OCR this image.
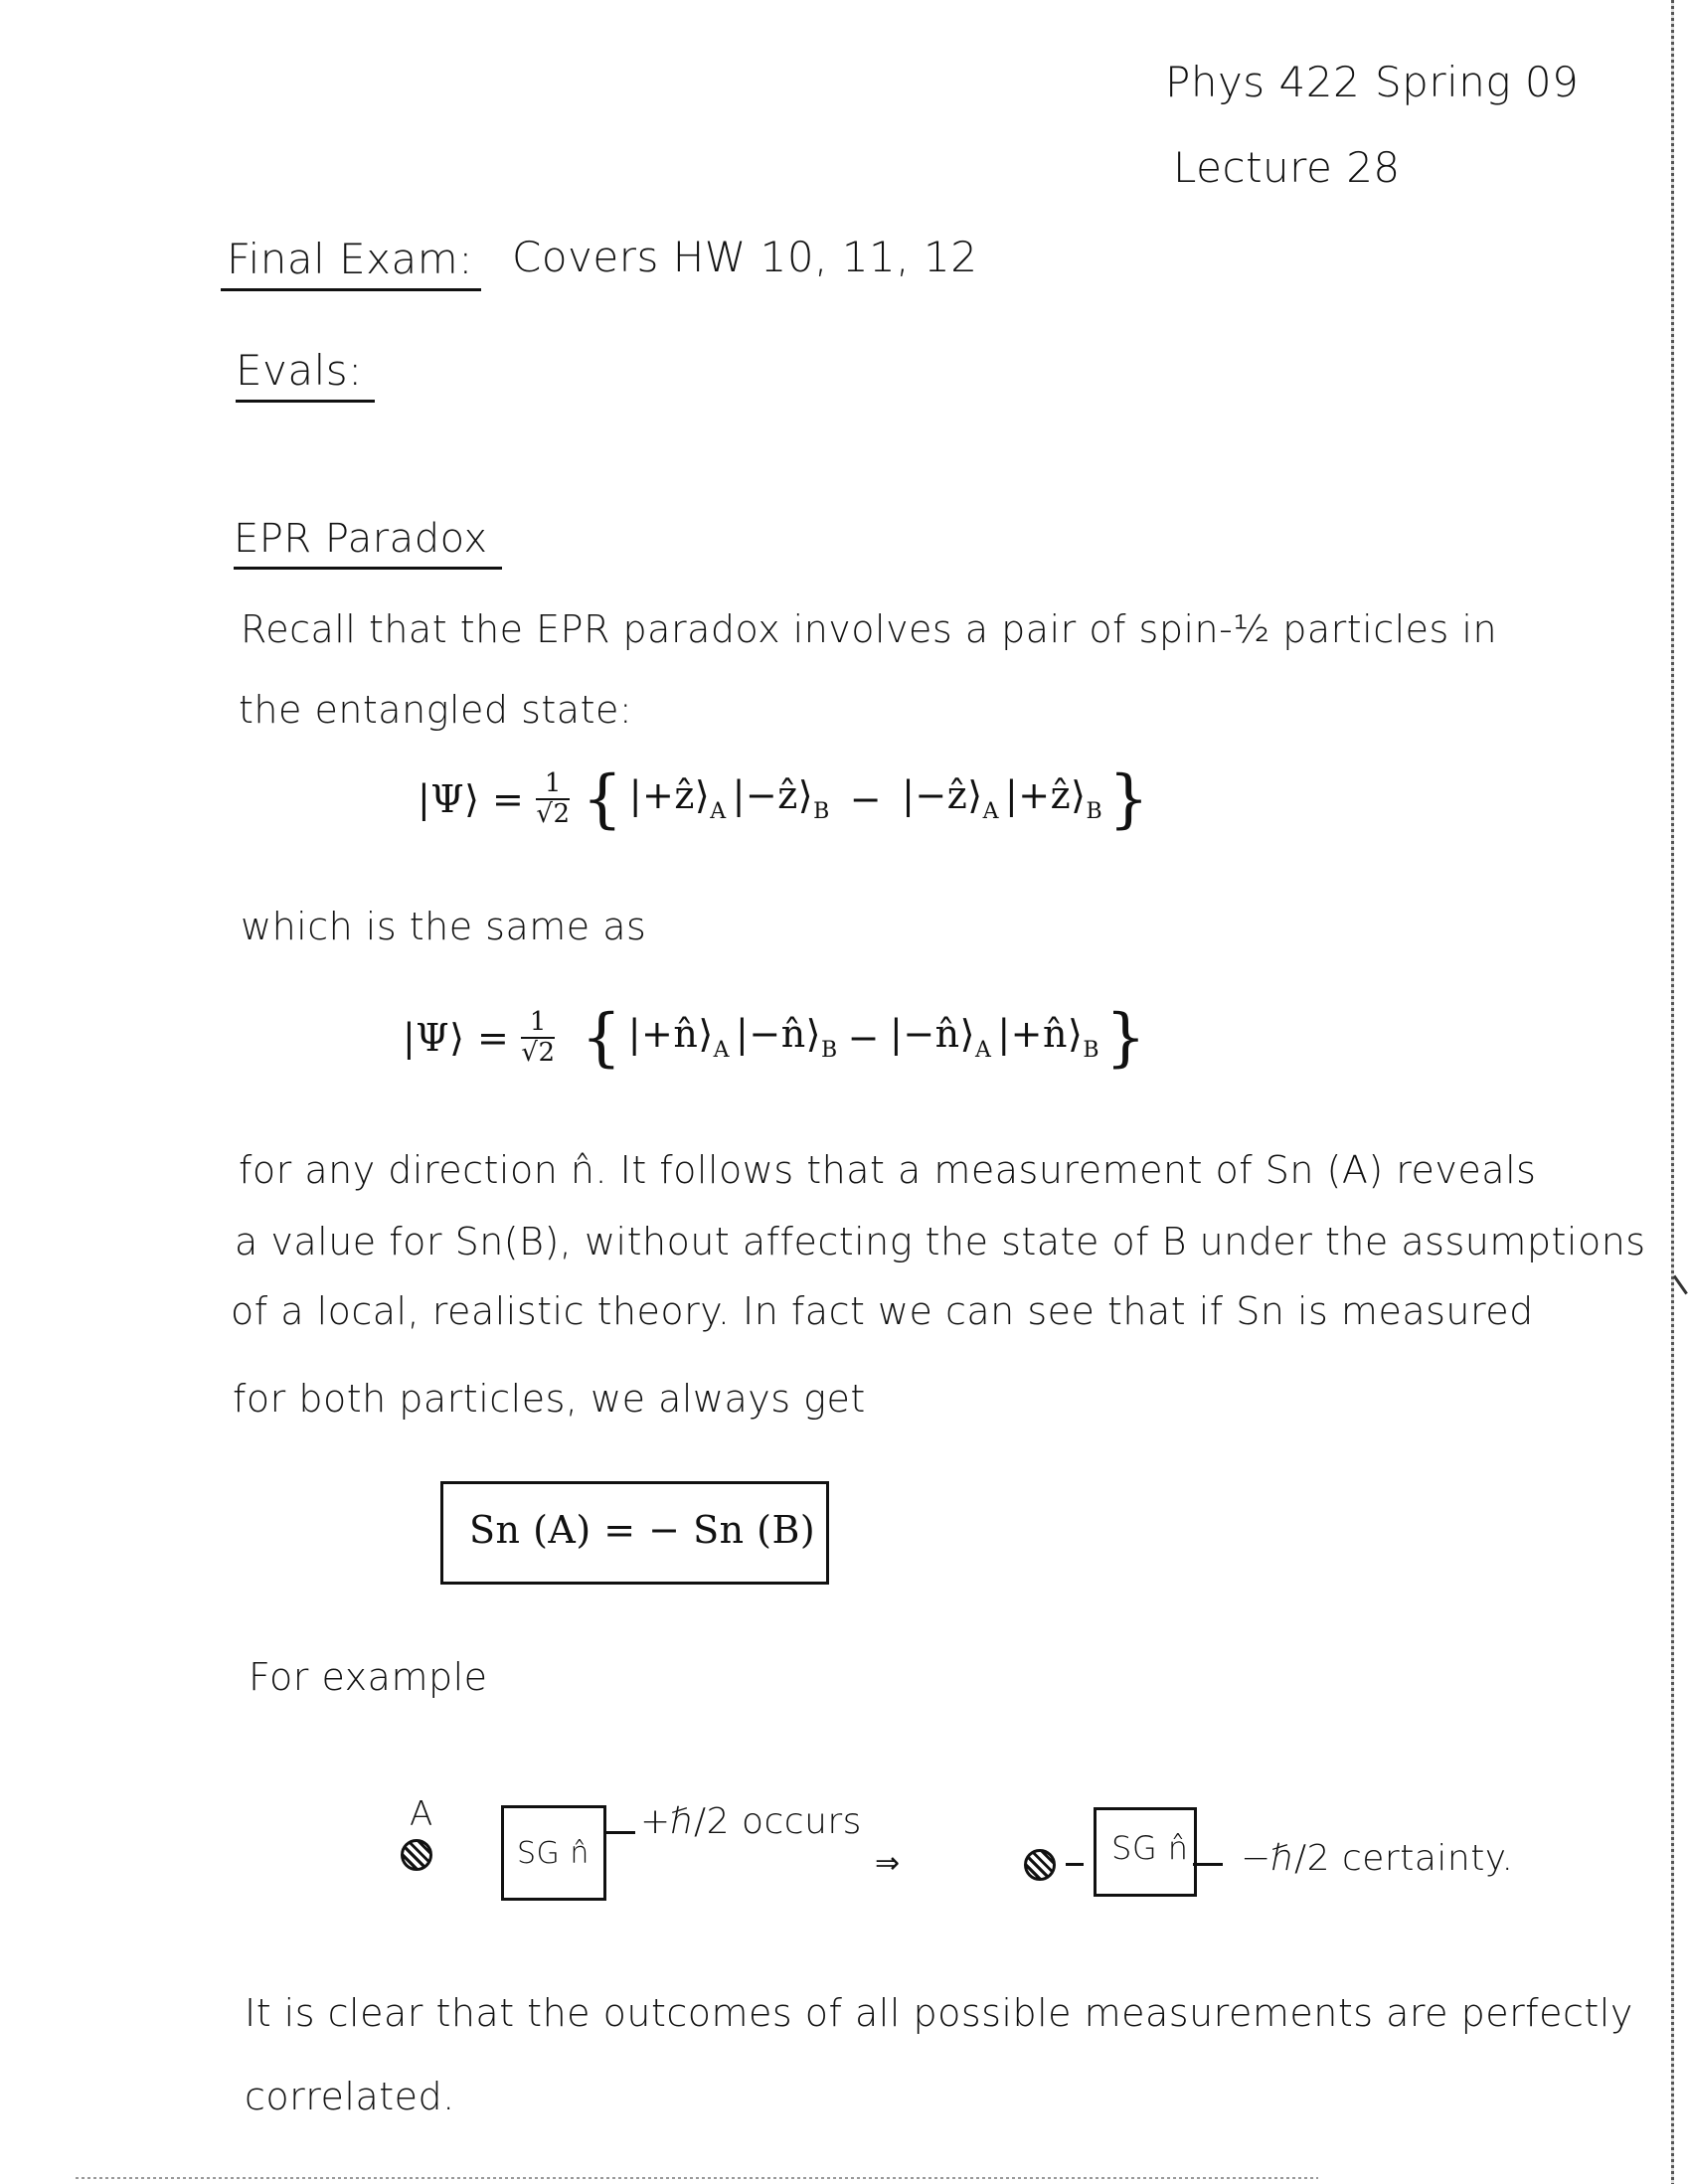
Phys 422 Spring 09
Lecture 28
Final Exam: Covers HW 10, 11, 12
Evals:
EPR Paradox
Recall that the EPR paradox involves a pair of spin-½ particles in
the entangled state:
|Ψ⟩ = $\frac{1}{√2}$ { $|+ẑ⟩_A$ $|-ẑ⟩_B$ − $|-ẑ⟩_A$ $|+ẑ⟩_B$ }
which is the same as
|Ψ⟩ = $\frac{1}{√2}$ { $|+n̂⟩_A$ $|-n̂⟩_B$ − $|-n̂⟩_A$ $|+n̂⟩_B$ }
for any direction n̂. It follows that a measurement of Sn (A) reveals
a value for Sn(B), without affecting the state of B under the assumptions
of a local, realistic theory. In fact we can see that if Sn is measured
for both particles, we always get
Sn (A) = − Sn (B)
For example
A
SG n̂
+ℏ/2 occurs
⇒	SG n̂ −ℏ/2 certainty.
It is clear that the outcomes of all possible measurements are perfectly
correlated.
